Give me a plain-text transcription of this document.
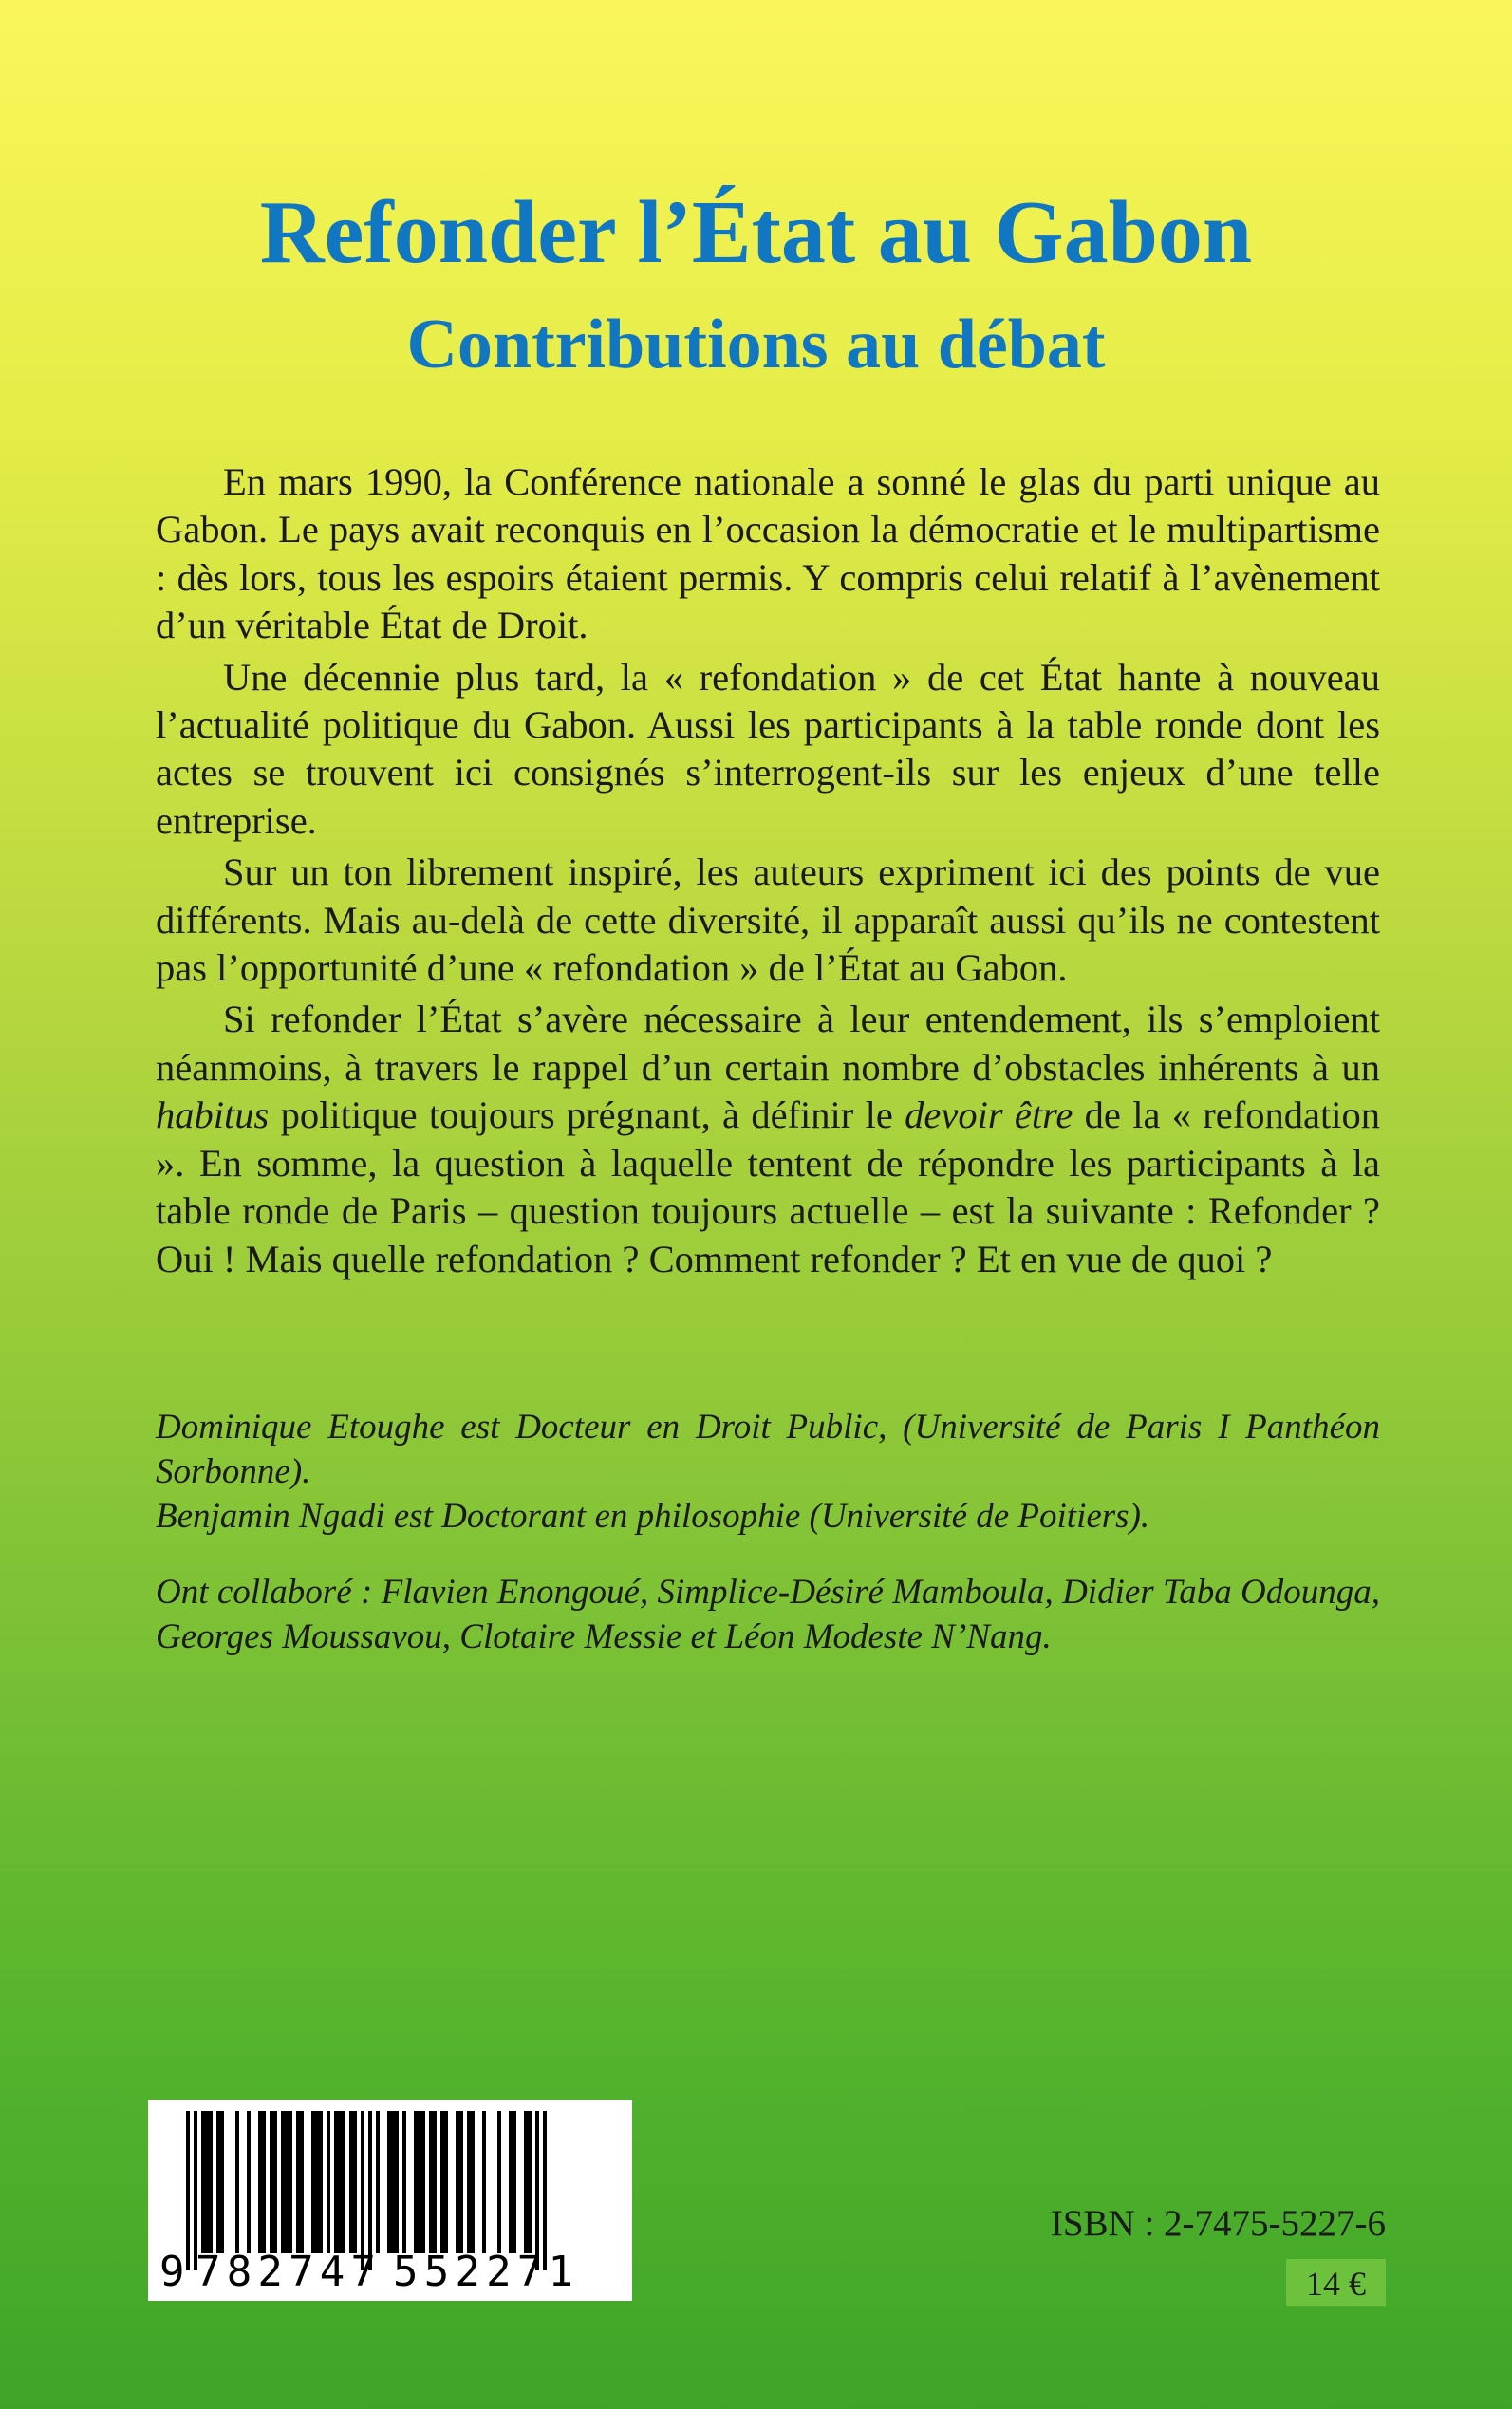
Refonder l’État au Gabon
Contributions au débat

En mars 1990, la Conférence nationale a sonné le glas du parti unique au Gabon. Le pays avait reconquis en l’occasion la démocratie et le multipartisme : dès lors, tous les espoirs étaient permis. Y compris celui relatif à l’avènement d’un véritable État de Droit.

Une décennie plus tard, la « refondation » de cet État hante à nouveau l’actualité politique du Gabon. Aussi les participants à la table ronde dont les actes se trouvent ici consignés s’interrogent-ils sur les enjeux d’une telle entreprise.

Sur un ton librement inspiré, les auteurs expriment ici des points de vue différents. Mais au-delà de cette diversité, il apparaît aussi qu’ils ne contestent pas l’opportunité d’une « refondation » de l’État au Gabon.

Si refonder l’État s’avère nécessaire à leur entendement, ils s’emploient néanmoins, à travers le rappel d’un certain nombre d’obstacles inhérents à un habitus politique toujours prégnant, à définir le devoir être de la « refondation ». En somme, la question à laquelle tentent de répondre les participants à la table ronde de Paris – question toujours actuelle – est la suivante : Refonder ? Oui ! Mais quelle refondation ? Comment refonder ? Et en vue de quoi ?

Dominique Etoughe est Docteur en Droit Public, (Université de Paris I Panthéon Sorbonne).

Benjamin Ngadi est Doctorant en philosophie (Université de Poitiers).

Ont collaboré : Flavien Enongoué, Simplice-Désiré Mamboula, Didier Taba Odounga, Georges Moussavou, Clotaire Messie et Léon Modeste N’Nang.

9 782747 552271
ISBN : 2-7475-5227-6
14 €
